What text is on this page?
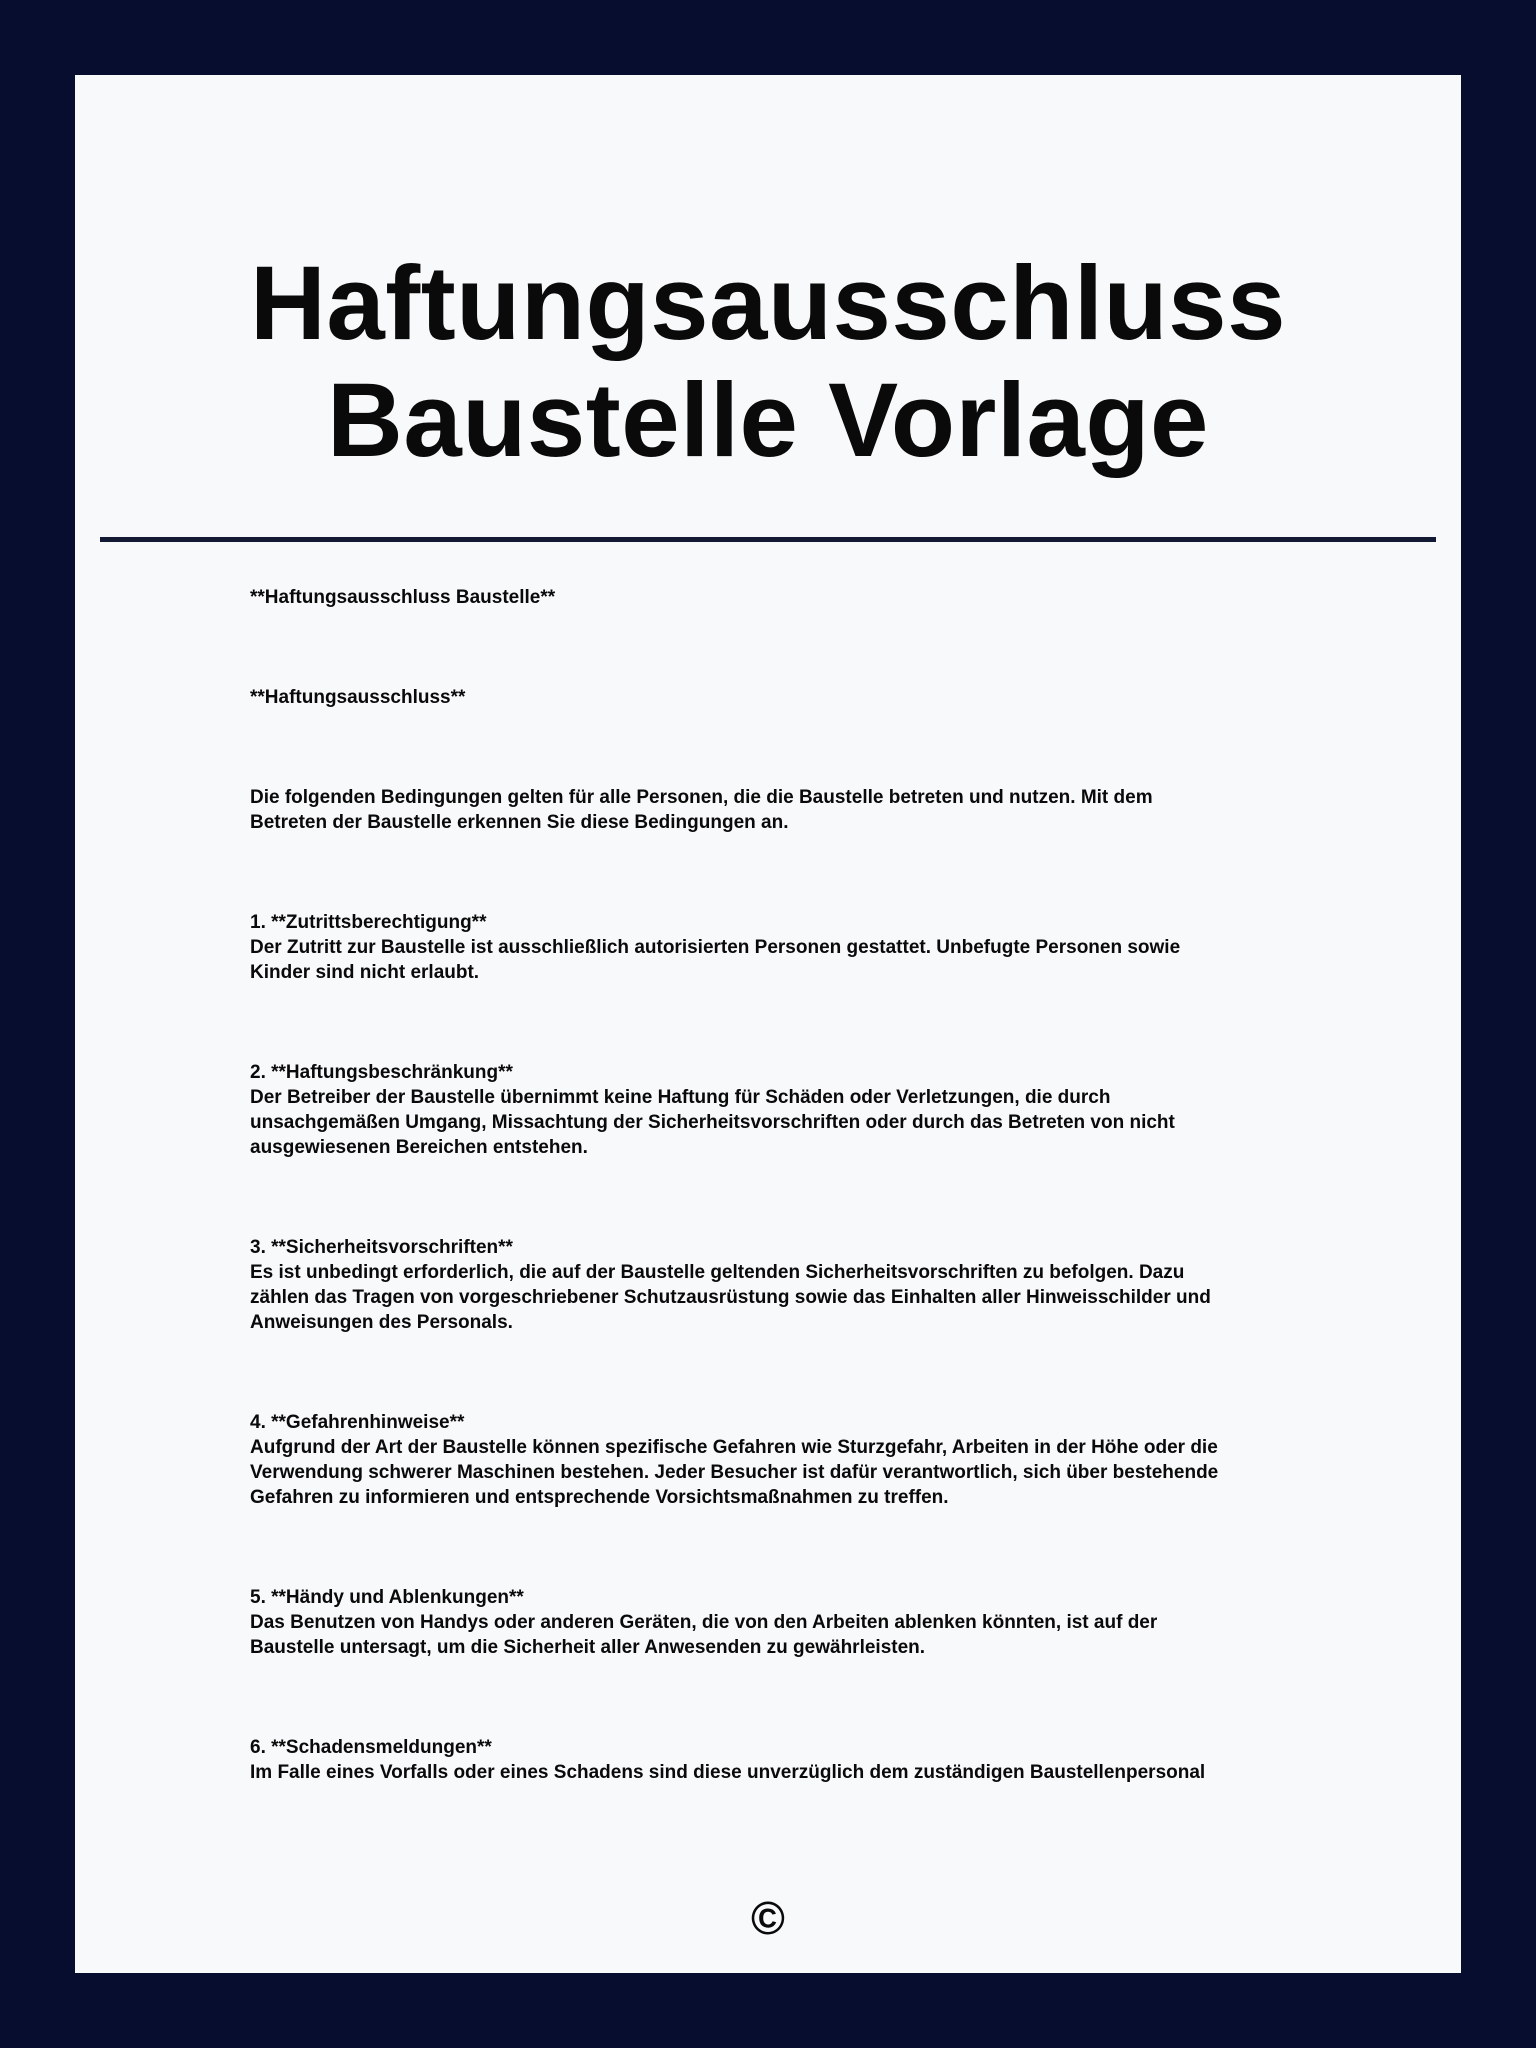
Haftungsausschluss
Baustelle Vorlage

**Haftungsausschluss Baustelle**

**Haftungsausschluss**

Die folgenden Bedingungen gelten für alle Personen, die die Baustelle betreten und nutzen. Mit dem
Betreten der Baustelle erkennen Sie diese Bedingungen an.

1. **Zutrittsberechtigung**
Der Zutritt zur Baustelle ist ausschließlich autorisierten Personen gestattet. Unbefugte Personen sowie
Kinder sind nicht erlaubt.

2. **Haftungsbeschränkung**
Der Betreiber der Baustelle übernimmt keine Haftung für Schäden oder Verletzungen, die durch
unsachgemäßen Umgang, Missachtung der Sicherheitsvorschriften oder durch das Betreten von nicht
ausgewiesenen Bereichen entstehen.

3. **Sicherheitsvorschriften**
Es ist unbedingt erforderlich, die auf der Baustelle geltenden Sicherheitsvorschriften zu befolgen. Dazu
zählen das Tragen von vorgeschriebener Schutzausrüstung sowie das Einhalten aller Hinweisschilder und
Anweisungen des Personals.

4. **Gefahrenhinweise**
Aufgrund der Art der Baustelle können spezifische Gefahren wie Sturzgefahr, Arbeiten in der Höhe oder die
Verwendung schwerer Maschinen bestehen. Jeder Besucher ist dafür verantwortlich, sich über bestehende
Gefahren zu informieren und entsprechende Vorsichtsmaßnahmen zu treffen.

5. **Händy und Ablenkungen**
Das Benutzen von Handys oder anderen Geräten, die von den Arbeiten ablenken könnten, ist auf der
Baustelle untersagt, um die Sicherheit aller Anwesenden zu gewährleisten.

6. **Schadensmeldungen**
Im Falle eines Vorfalls oder eines Schadens sind diese unverzüglich dem zuständigen Baustellenpersonal

©
